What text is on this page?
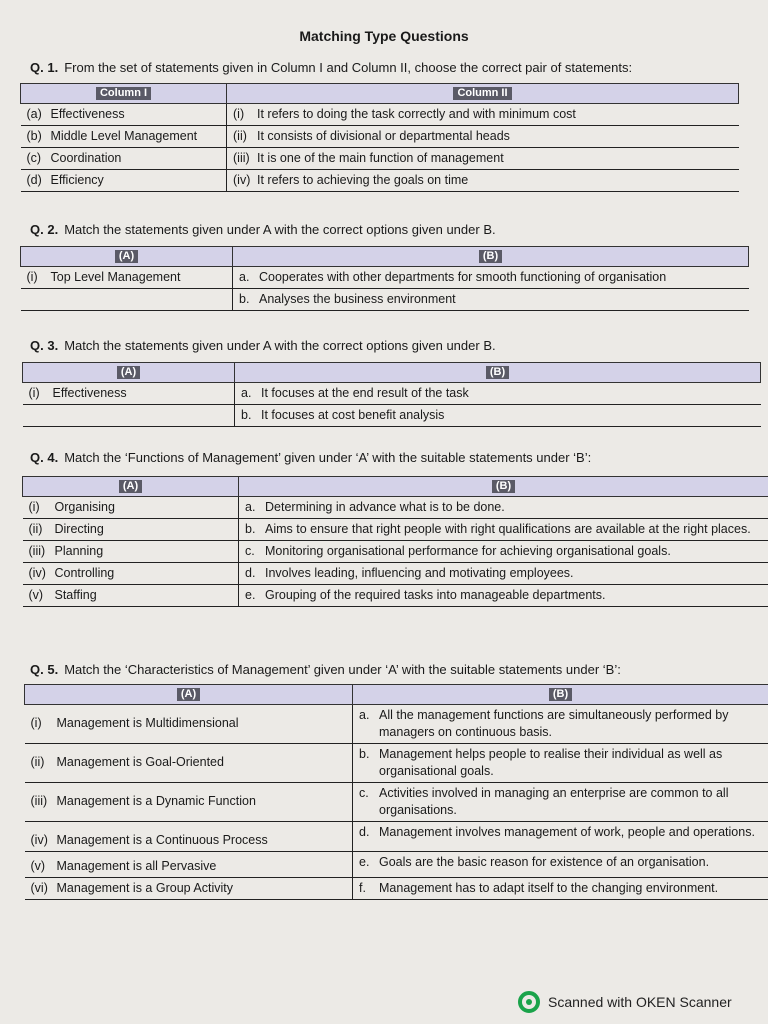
Matching Type Questions
Q. 1. From the set of statements given in Column I and Column II, choose the correct pair of statements:
Column I	Column II
(a) Effectiveness	(i) It refers to doing the task correctly and with minimum cost
(b) Middle Level Management	(ii) It consists of divisional or departmental heads
(c) Coordination	(iii) It is one of the main function of management
(d) Efficiency	(iv) It refers to achieving the goals on time
Q. 2. Match the statements given under A with the correct options given under B.
(A)	(B)
(i) Top Level Management	a. Cooperates with other departments for smooth functioning of organisation
	b. Analyses the business environment
Q. 3. Match the statements given under A with the correct options given under B.
(A)	(B)
(i) Effectiveness	a. It focuses at the end result of the task
	b. It focuses at cost benefit analysis
Q. 4. Match the ‘Functions of Management’ given under ‘A’ with the suitable statements under ‘B’:
(A)	(B)
(i) Organising	a. Determining in advance what is to be done.
(ii) Directing	b. Aims to ensure that right people with right qualifications are available at the right places.
(iii) Planning	c. Monitoring organisational performance for achieving organisational goals.
(iv) Controlling	d. Involves leading, influencing and motivating employees.
(v) Staffing	e. Grouping of the required tasks into manageable departments.
Q. 5. Match the ‘Characteristics of Management’ given under ‘A’ with the suitable statements under ‘B’:
(A)	(B)
(i) Management is Multidimensional	a. All the management functions are simultaneously performed by managers on continuous basis.
(ii) Management is Goal-Oriented	b. Management helps people to realise their individual as well as organisational goals.
(iii) Management is a Dynamic Function	c. Activities involved in managing an enterprise are common to all organisations.
(iv) Management is a Continuous Process	d. Management involves management of work, people and operations.
(v) Management is all Pervasive	e. Goals are the basic reason for existence of an organisation.
(vi) Management is a Group Activity	f. Management has to adapt itself to the changing environment.
Scanned with OKEN Scanner
